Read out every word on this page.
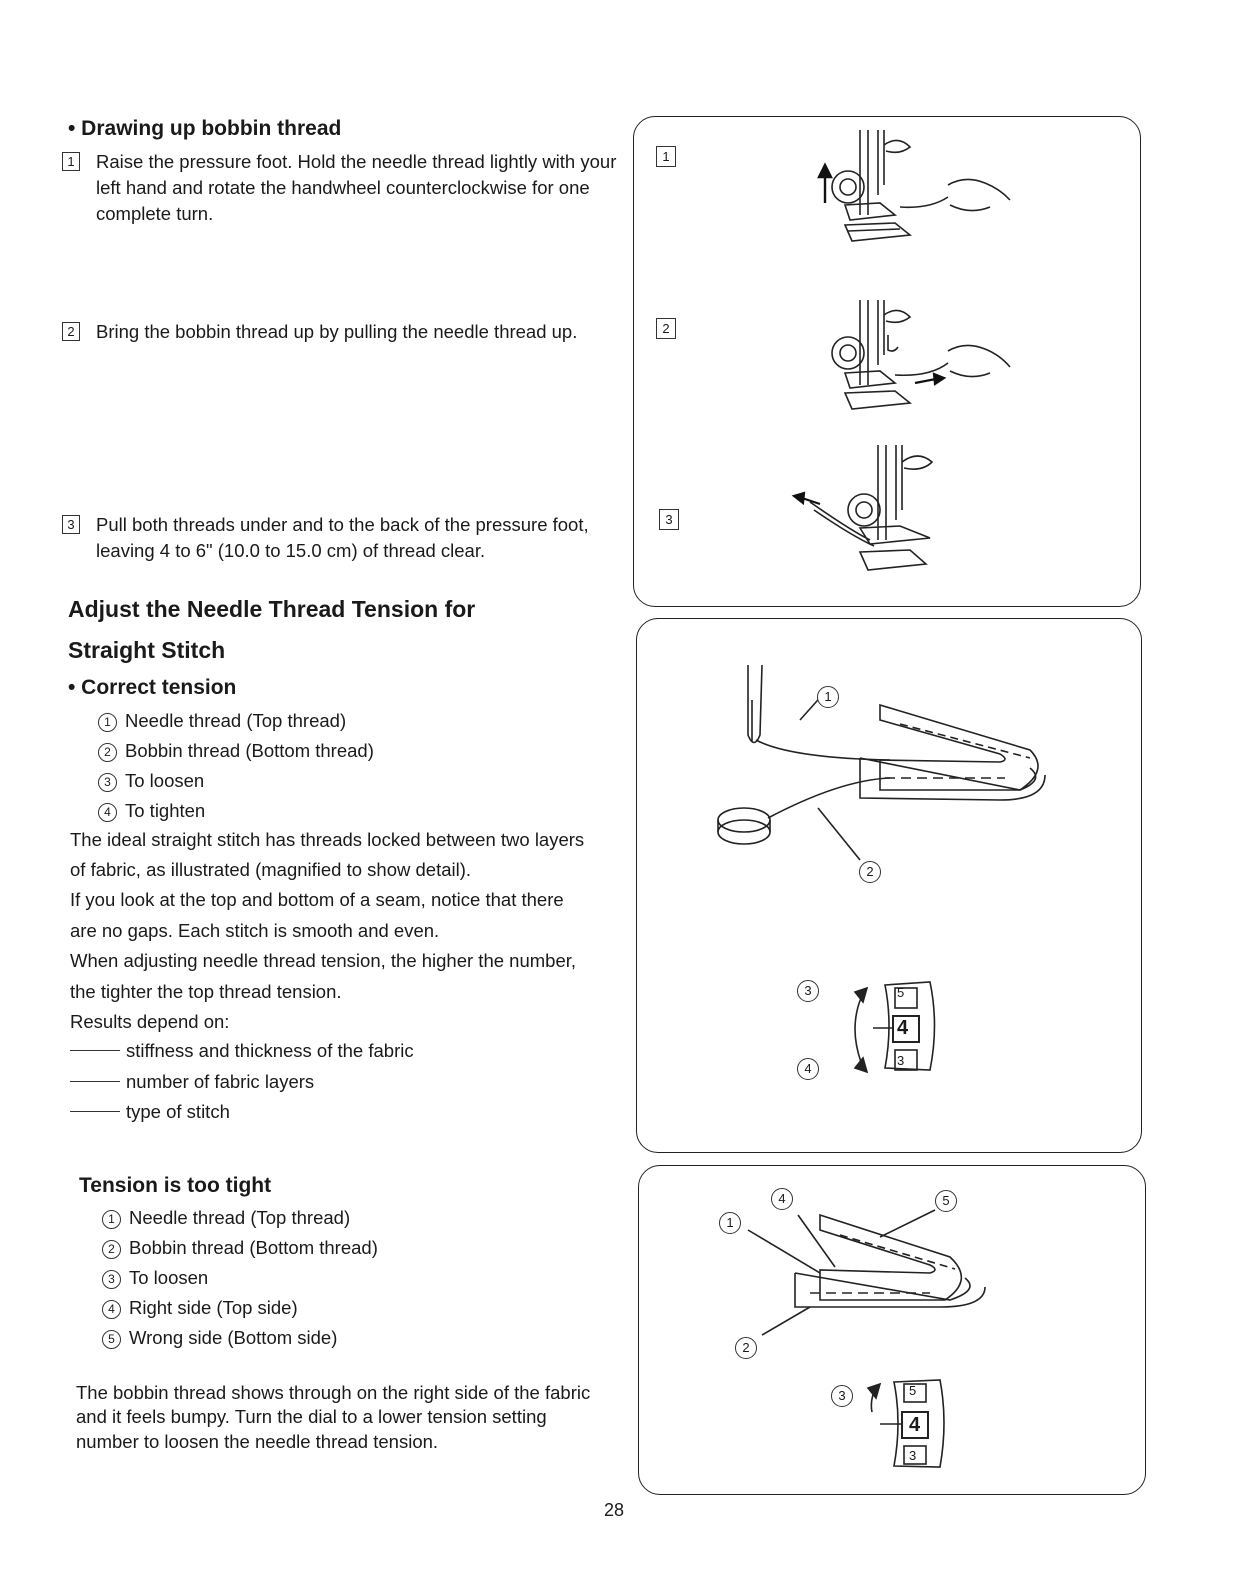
• Drawing up bobbin thread
1 Raise the pressure foot. Hold the needle thread lightly with your left hand and rotate the handwheel counterclockwise for one complete turn.
2 Bring the bobbin thread up by pulling the needle thread up.
3 Pull both threads under and to the back of the pressure foot, leaving 4 to 6" (10.0 to 15.0 cm) of thread clear.
Adjust the Needle Thread Tension for
Straight Stitch
• Correct tension
1 Needle thread (Top thread)
2 Bobbin thread (Bottom thread)
3 To loosen
4 To tighten
The ideal straight stitch has threads locked between two layers
of fabric, as illustrated (magnified to show detail).
If you look at the top and bottom of a seam, notice that there
are no gaps. Each stitch is smooth and even.
When adjusting needle thread tension, the higher the number,
the tighter the top thread tension.
Results depend on:
stiffness and thickness of the fabric
number of fabric layers
type of stitch
Tension is too tight
1 Needle thread (Top thread)
2 Bobbin thread (Bottom thread)
3 To loosen
4 Right side (Top side)
5 Wrong side (Bottom side)
The bobbin thread shows through on the right side of the fabric
and it feels bumpy. Turn the dial to a lower tension setting
number to loosen the needle thread tension.
28
1
2
3
1
2
3
4
5
4
3
1
2
4	5
3	5
4
3
